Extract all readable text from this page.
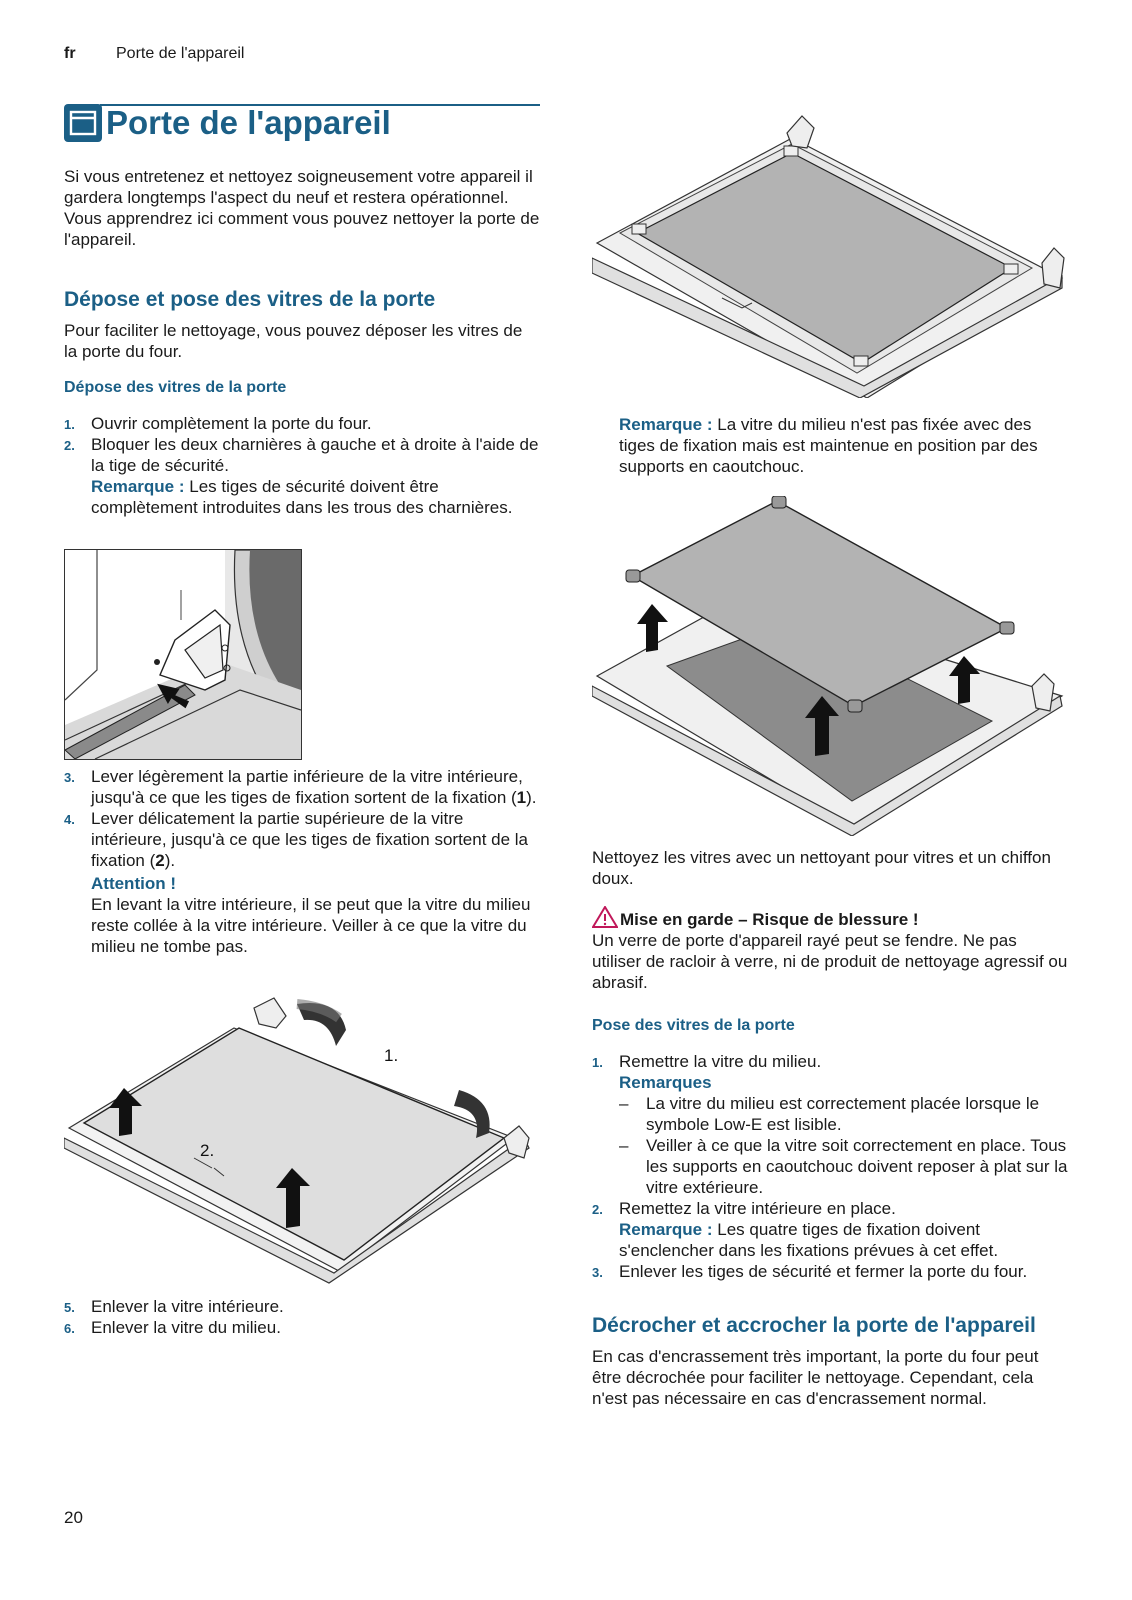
fr	Porte de l'appareil
Porte de l'appareil

Si vous entretenez et nettoyez soigneusement votre appareil il gardera longtemps l'aspect du neuf et restera opérationnel. Vous apprendrez ici comment vous pouvez nettoyer la porte de l'appareil.

Dépose et pose des vitres de la porte

Pour faciliter le nettoyage, vous pouvez déposer les vitres de la porte du four.

Dépose des vitres de la porte
1. Ouvrir complètement la porte du four.
2. Bloquer les deux charnières à gauche et à droite à l'aide de la tige de sécurité.
Remarque : Les tiges de sécurité doivent être complètement introduites dans les trous des charnières.
3. Lever légèrement la partie inférieure de la vitre intérieure, jusqu'à ce que les tiges de fixation sortent de la fixation (1).
4. Lever délicatement la partie supérieure de la vitre intérieure, jusqu'à ce que les tiges de fixation sortent de la fixation (2).
Attention !
En levant la vitre intérieure, il se peut que la vitre du milieu reste collée à la vitre intérieure. Veiller à ce que la vitre du milieu ne tombe pas.
1.
2.
5. Enlever la vitre intérieure.
6. Enlever la vitre du milieu.
Remarque : La vitre du milieu n'est pas fixée avec des tiges de fixation mais est maintenue en position par des supports en caoutchouc.

Nettoyez les vitres avec un nettoyant pour vitres et un chiffon doux.

Mise en garde – Risque de blessure !

Un verre de porte d'appareil rayé peut se fendre. Ne pas utiliser de racloir à verre, ni de produit de nettoyage agressif ou abrasif.

Pose des vitres de la porte
1. Remettre la vitre du milieu.
Remarques
– La vitre du milieu est correctement placée lorsque le symbole Low-E est lisible.
– Veiller à ce que la vitre soit correctement en place. Tous les supports en caoutchouc doivent reposer à plat sur la vitre extérieure.
2. Remettez la vitre intérieure en place.
Remarque : Les quatre tiges de fixation doivent s'enclencher dans les fixations prévues à cet effet.
3. Enlever les tiges de sécurité et fermer la porte du four.
Décrocher et accrocher la porte de l'appareil

En cas d'encrassement très important, la porte du four peut être décrochée pour faciliter le nettoyage. Cependant, cela n'est pas nécessaire en cas d'encrassement normal.

20
